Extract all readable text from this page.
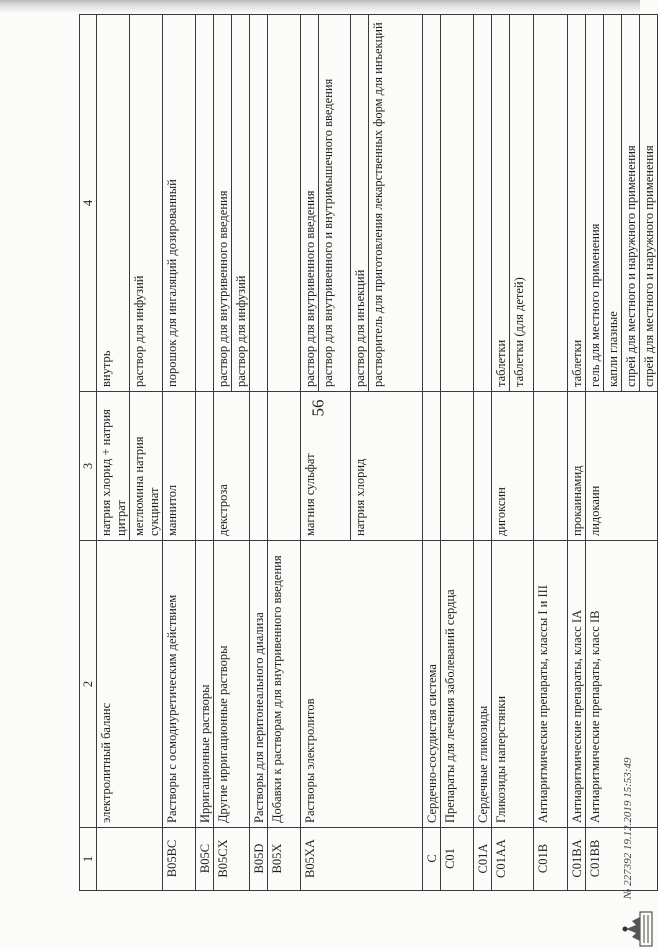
56
1	2	3	4
	электролитный баланс	натрия хлорид + натрия цитрат	внутрь
		меглюмина натрия сукцинат	раствор для инфузий
B05BC	Растворы с осмодиуретическим действием	маннитол	порошок для ингаляций дозированный
B05C	Ирригационные растворы		
B05CX	Другие ирригационные растворы	декстроза	раствор для внутривенного введения
			раствор для инфузий
B05D	Растворы для перитонеального диализа		
B05X	Добавки к растворам для внутривенного введения		
B05XA	Растворы электролитов	магния сульфат	раствор для внутривенного введения
			раствор для внутривенного и внутримышечного введения
		натрия хлорид	раствор для инъекций
			растворитель для приготовления лекарственных форм для инъекций
C	Сердечно-сосудистая система		
C01	Препараты для лечения заболеваний сердца		
C01A	Сердечные гликозиды		
C01AA	Гликозиды наперстянки	дигоксин	таблетки
			таблетки (для детей)
C01B	Антиаритмические препараты, классы I и III		
C01BA	Антиаритмические препараты, класс IA	прокаинамид	таблетки
C01BB	Антиаритмические препараты, класс IB	лидокаин	гель для местного применения
			капли глазные
			спрей для местного и наружного применения
			спрей для местного и наружного применения
№ 227392 19.12.2019 15:53:49
